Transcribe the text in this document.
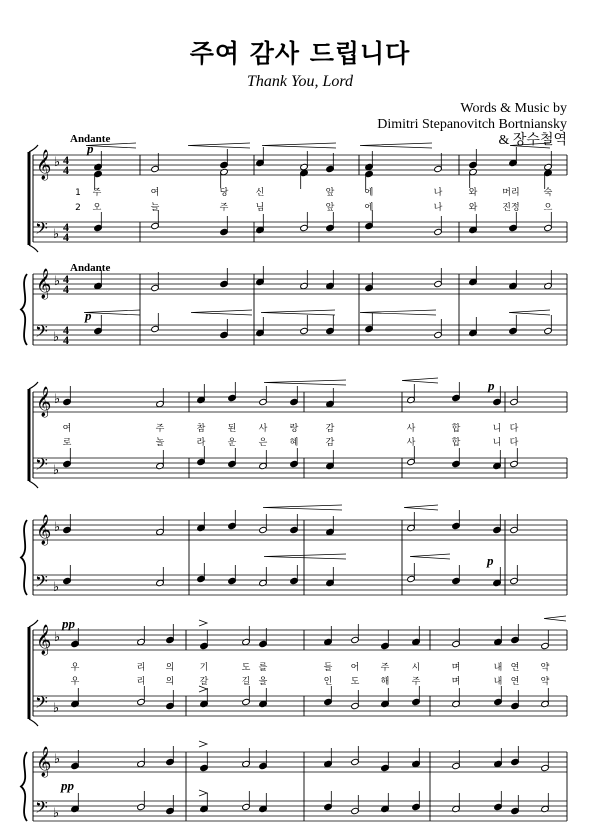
주여 감사 드립니다
Thank You, Lord
Words & Music by
Dimitri Stepanovitch Bortniansky
& 장수철역
𝄞 ♭ 4
4
𝄢 ♭ 4
4
𝄞 ♭ 4
4
𝄢 ♭ 4
4
𝄞 ♭
𝄢 ♭
𝄞 ♭
𝄢 ♭
𝄞 ♭
𝄢 ♭
𝄞 ♭
𝄢 ♭
Andante
Andante
p
p
p
p
pp
pp
1 주	여	당	신	앞	에	나	와	머리	숙
2 오	늘	주	님	앞	에	나	와	진정	으
여	주	참 된 사 랑	감	사	합	니 다
로	놀	라 운 은 혜	감	사	합	니 다
우	리 의	기	도 를	들 어 주 시	며	내 연 약
우	리 의	갈	길 을	인 도 해 주	며	내 연 약
